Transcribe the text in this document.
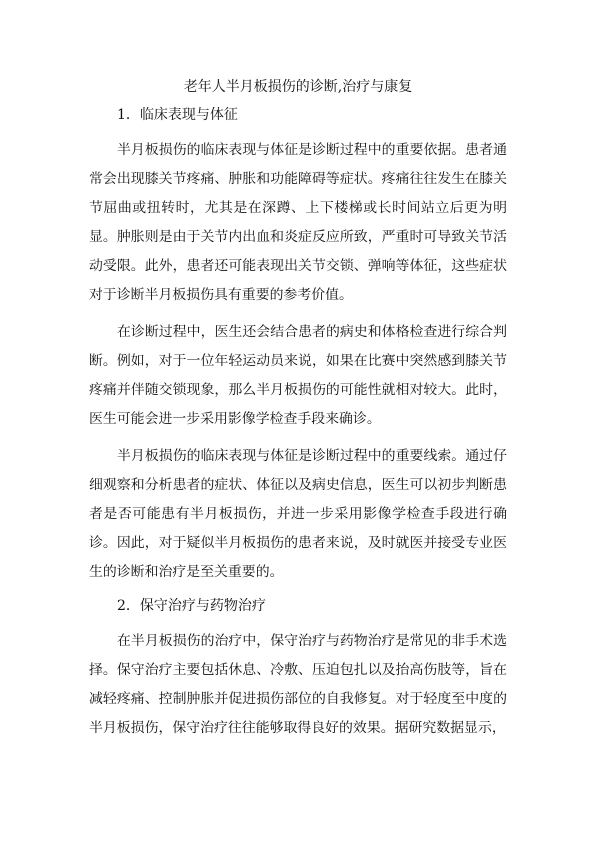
老年人半月板损伤的诊断,治疗与康复
1．临床表现与体征

半月板损伤的临床表现与体征是诊断过程中的重要依据。患者通常会出现膝关节疼痛、肿胀和功能障碍等症状。疼痛往往发生在膝关节屈曲或扭转时，尤其是在深蹲、上下楼梯或长时间站立后更为明显。肿胀则是由于关节内出血和炎症反应所致，严重时可导致关节活动受限。此外，患者还可能表现出关节交锁、弹响等体征，这些症状对于诊断半月板损伤具有重要的参考价值。

在诊断过程中，医生还会结合患者的病史和体格检查进行综合判断。例如，对于一位年轻运动员来说，如果在比赛中突然感到膝关节疼痛并伴随交锁现象，那么半月板损伤的可能性就相对较大。此时，医生可能会进一步采用影像学检查手段来确诊。

半月板损伤的临床表现与体征是诊断过程中的重要线索。通过仔细观察和分析患者的症状、体征以及病史信息，医生可以初步判断患者是否可能患有半月板损伤，并进一步采用影像学检查手段进行确诊。因此，对于疑似半月板损伤的患者来说，及时就医并接受专业医生的诊断和治疗是至关重要的。

2．保守治疗与药物治疗

在半月板损伤的治疗中，保守治疗与药物治疗是常见的非手术选择。保守治疗主要包括休息、冷敷、压迫包扎以及抬高伤肢等，旨在减轻疼痛、控制肿胀并促进损伤部位的自我修复。对于轻度至中度的半月板损伤，保守治疗往往能够取得良好的效果。据研究数据显示，
